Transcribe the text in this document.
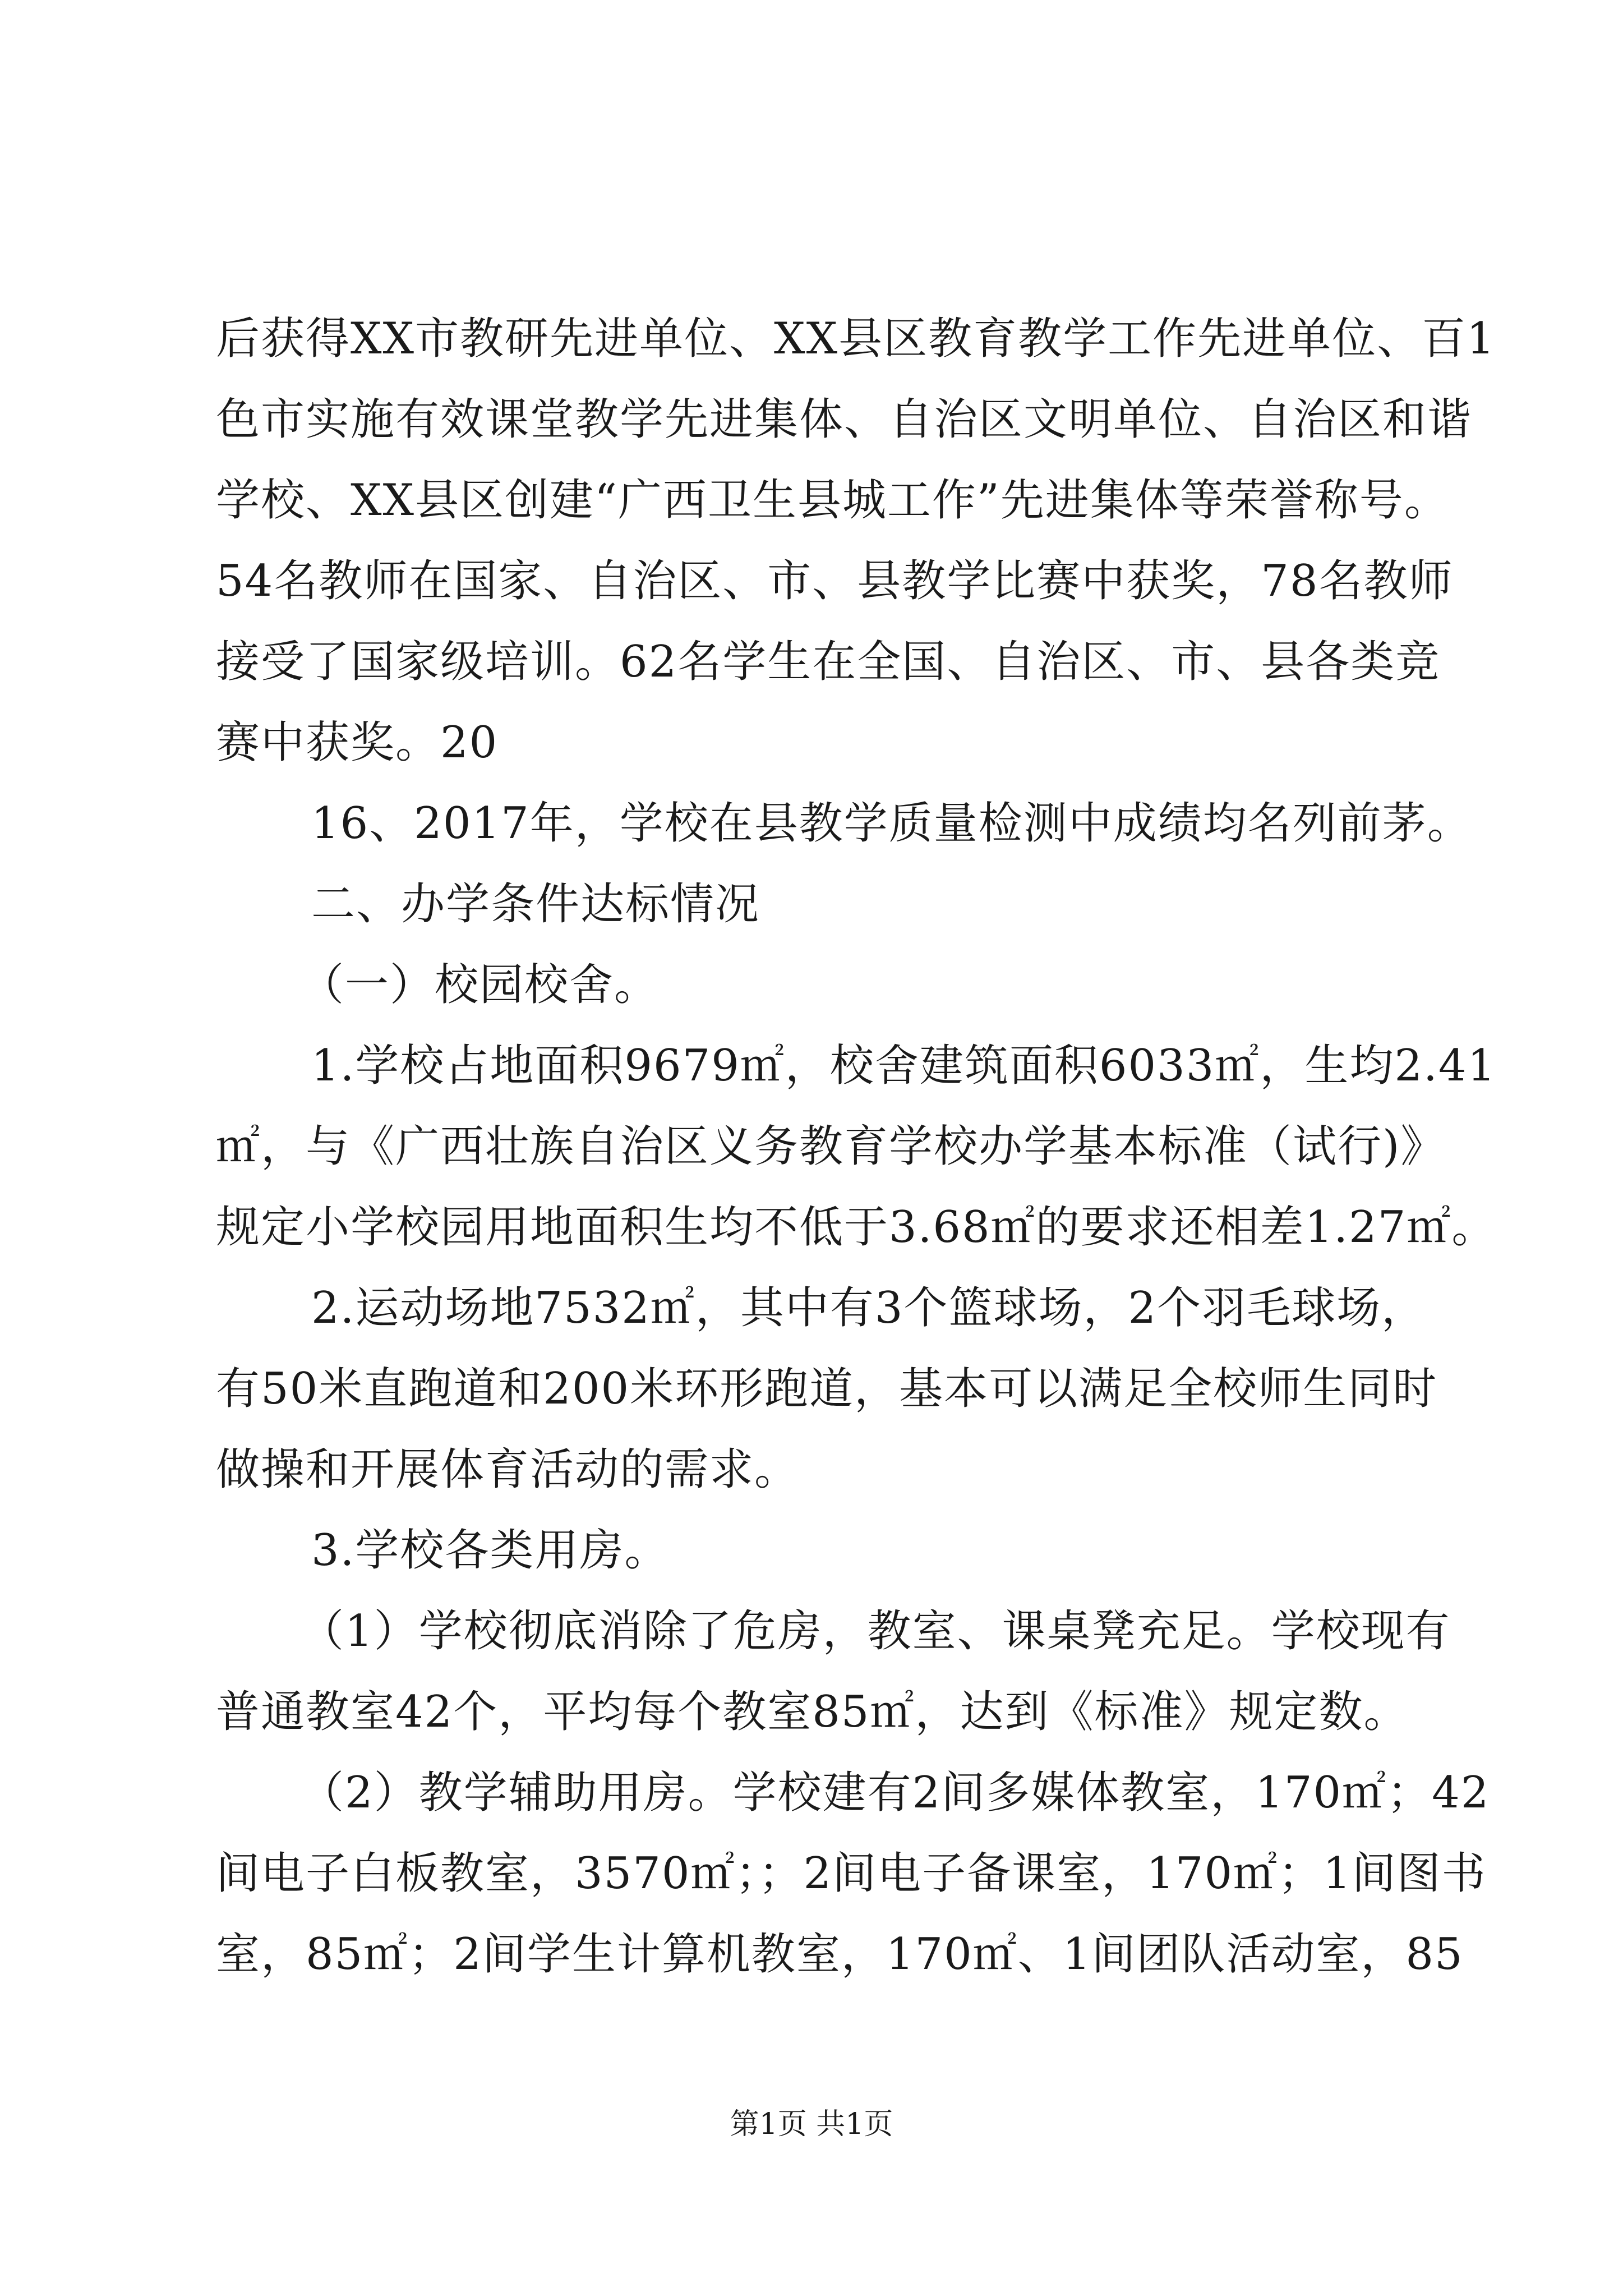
后获得XX市教研先进单位、XX县区教育教学工作先进单位、百1
色市实施有效课堂教学先进集体、自治区文明单位、自治区和谐
学校、XX县区创建“广西卫生县城工作”先进集体等荣誉称号。
54名教师在国家、自治区、市、县教学比赛中获奖，78名教师
接受了国家级培训。62名学生在全国、自治区、市、县各类竞
赛中获奖。20
16、2017年，学校在县教学质量检测中成绩均名列前茅。
二、办学条件达标情况
（一）校园校舍。
1.学校占地面积9679㎡，校舍建筑面积6033㎡，生均2.41
㎡，与《广西壮族自治区义务教育学校办学基本标准（试行)》
规定小学校园用地面积生均不低于3.68㎡的要求还相差1.27㎡。
2.运动场地7532㎡，其中有3个篮球场，2个羽毛球场，
有50米直跑道和200米环形跑道，基本可以满足全校师生同时
做操和开展体育活动的需求。
3.学校各类用房。
（1）学校彻底消除了危房，教室、课桌凳充足。学校现有
普通教室42个，平均每个教室85㎡，达到《标准》规定数。
（2）教学辅助用房。学校建有2间多媒体教室，170㎡；42
间电子白板教室，3570㎡；；2间电子备课室，170㎡；1间图书
室，85㎡；2间学生计算机教室，170㎡、1间团队活动室，85
第1页 共1页
